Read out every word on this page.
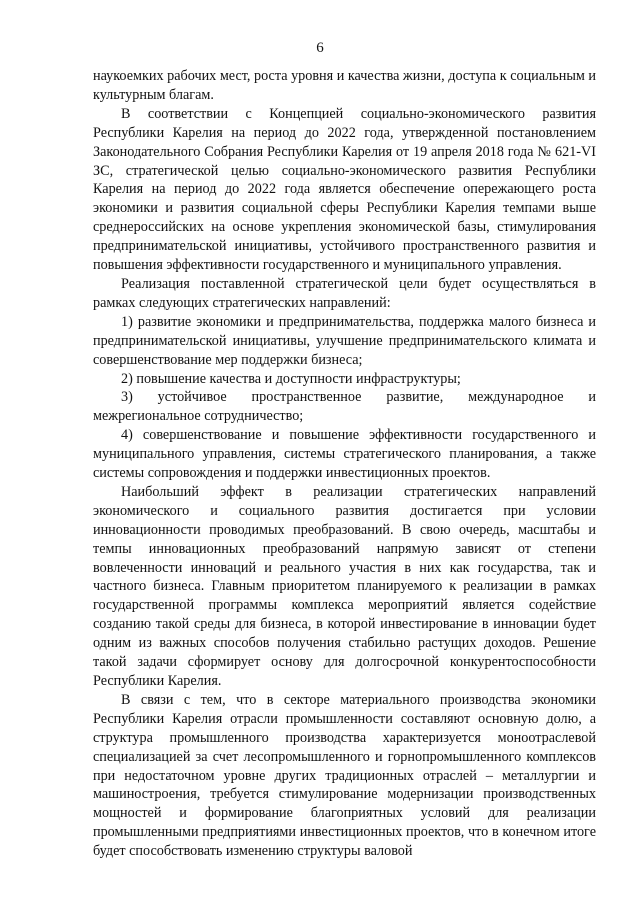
6

наукоемких рабочих мест, роста уровня и качества жизни, доступа к социальным и культурным благам.

В соответствии с Концепцией социально-экономического развития Республики Карелия на период до 2022 года, утвержденной постановлением Законодательного Собрания Республики Карелия от 19 апреля 2018 года № 621-VI ЗС, стратегической целью социально-экономического развития Республики Карелия на период до 2022 года является обеспечение опережающего роста экономики и развития социальной сферы Республики Карелия темпами выше среднероссийских на основе укрепления экономической базы, стимулирования предпринимательской инициативы, устойчивого пространственного развития и повышения эффективности государственного и муниципального управления.

Реализация поставленной стратегической цели будет осуществляться в рамках следующих стратегических направлений:

1) развитие экономики и предпринимательства, поддержка малого бизнеса и предпринимательской инициативы, улучшение предпринимательского климата и совершенствование мер поддержки бизнеса;

2) повышение качества и доступности инфраструктуры;

3) устойчивое пространственное развитие, международное и межрегиональное сотрудничество;

4) совершенствование и повышение эффективности государственного и муниципального управления, системы стратегического планирования, а также системы сопровождения и поддержки инвестиционных проектов.

Наибольший эффект в реализации стратегических направлений экономического и социального развития достигается при условии инновационности проводимых преобразований. В свою очередь, масштабы и темпы инновационных преобразований напрямую зависят от степени вовлеченности инноваций и реального участия в них как государства, так и частного бизнеса. Главным приоритетом планируемого к реализации в рамках государственной программы комплекса мероприятий является содействие созданию такой среды для бизнеса, в которой инвестирование в инновации будет одним из важных способов получения стабильно растущих доходов. Решение такой задачи сформирует основу для долгосрочной конкурентоспособности Республики Карелия.

В связи с тем, что в секторе материального производства экономики Республики Карелия отрасли промышленности составляют основную долю, а структура промышленного производства характеризуется моноотраслевой специализацией за счет лесопромышленного и горнопромышленного комплексов при недостаточном уровне других традиционных отраслей – металлургии и машиностроения, требуется стимулирование модернизации производственных мощностей и формирование благоприятных условий для реализации промышленными предприятиями инвестиционных проектов, что в конечном итоге будет способствовать изменению структуры валовой
